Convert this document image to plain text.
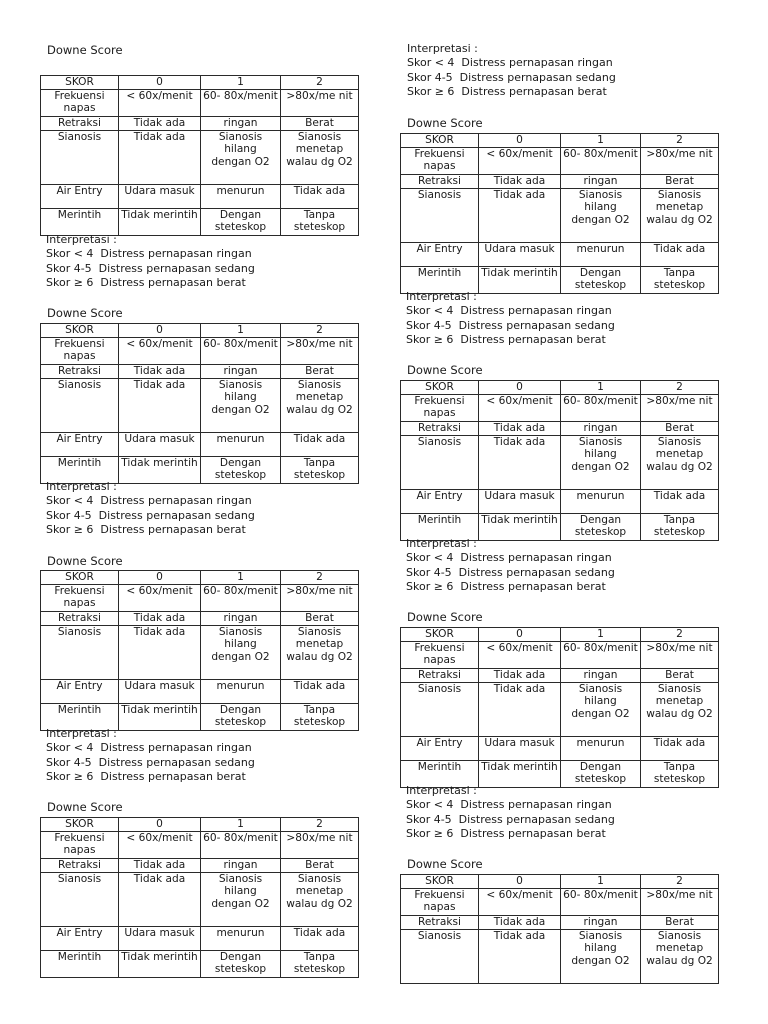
Downe Score
SKOR	0	1	2
Frekuensi napas	< 60x/menit	60- 80x/menit	>80x/me nit
Retraksi	Tidak ada	ringan	Berat
Sianosis	Tidak ada	Sianosis hilang dengan O2	Sianosis menetap walau dg O2
Air Entry	Udara masuk	menurun	Tidak ada
Merintih	Tidak merintih	Dengan steteskop	Tanpa steteskop
Interpretasi :
Skor < 4  Distress pernapasan ringan
Skor 4-5  Distress pernapasan sedang
Skor ≥ 6  Distress pernapasan berat
Downe Score
SKOR	0	1	2
Frekuensi napas	< 60x/menit	60- 80x/menit	>80x/me nit
Retraksi	Tidak ada	ringan	Berat
Sianosis	Tidak ada	Sianosis hilang dengan O2	Sianosis menetap walau dg O2
Air Entry	Udara masuk	menurun	Tidak ada
Merintih	Tidak merintih	Dengan steteskop	Tanpa steteskop
Interpretasi :
Skor < 4  Distress pernapasan ringan
Skor 4-5  Distress pernapasan sedang
Skor ≥ 6  Distress pernapasan berat
Downe Score
SKOR	0	1	2
Frekuensi napas	< 60x/menit	60- 80x/menit	>80x/me nit
Retraksi	Tidak ada	ringan	Berat
Sianosis	Tidak ada	Sianosis hilang dengan O2	Sianosis menetap walau dg O2
Air Entry	Udara masuk	menurun	Tidak ada
Merintih	Tidak merintih	Dengan steteskop	Tanpa steteskop
Interpretasi :
Skor < 4  Distress pernapasan ringan
Skor 4-5  Distress pernapasan sedang
Skor ≥ 6  Distress pernapasan berat
Downe Score
SKOR	0	1	2
Frekuensi napas	< 60x/menit	60- 80x/menit	>80x/me nit
Retraksi	Tidak ada	ringan	Berat
Sianosis	Tidak ada	Sianosis hilang dengan O2	Sianosis menetap walau dg O2
Air Entry	Udara masuk	menurun	Tidak ada
Merintih	Tidak merintih	Dengan steteskop	Tanpa steteskop
Interpretasi :
Skor < 4  Distress pernapasan ringan
Skor 4-5  Distress pernapasan sedang
Skor ≥ 6  Distress pernapasan berat
Downe Score
SKOR	0	1	2
Frekuensi napas	< 60x/menit	60- 80x/menit	>80x/me nit
Retraksi	Tidak ada	ringan	Berat
Sianosis	Tidak ada	Sianosis hilang dengan O2	Sianosis menetap walau dg O2
Air Entry	Udara masuk	menurun	Tidak ada
Merintih	Tidak merintih	Dengan steteskop	Tanpa steteskop
Interpretasi :
Skor < 4  Distress pernapasan ringan
Skor 4-5  Distress pernapasan sedang
Skor ≥ 6  Distress pernapasan berat
Downe Score
SKOR	0	1	2
Frekuensi napas	< 60x/menit	60- 80x/menit	>80x/me nit
Retraksi	Tidak ada	ringan	Berat
Sianosis	Tidak ada	Sianosis hilang dengan O2	Sianosis menetap walau dg O2
Air Entry	Udara masuk	menurun	Tidak ada
Merintih	Tidak merintih	Dengan steteskop	Tanpa steteskop
Interpretasi :
Skor < 4  Distress pernapasan ringan
Skor 4-5  Distress pernapasan sedang
Skor ≥ 6  Distress pernapasan berat
Downe Score
SKOR	0	1	2
Frekuensi napas	< 60x/menit	60- 80x/menit	>80x/me nit
Retraksi	Tidak ada	ringan	Berat
Sianosis	Tidak ada	Sianosis hilang dengan O2	Sianosis menetap walau dg O2
Air Entry	Udara masuk	menurun	Tidak ada
Merintih	Tidak merintih	Dengan steteskop	Tanpa steteskop
Interpretasi :
Skor < 4  Distress pernapasan ringan
Skor 4-5  Distress pernapasan sedang
Skor ≥ 6  Distress pernapasan berat
Downe Score
SKOR	0	1	2
Frekuensi napas	< 60x/menit	60- 80x/menit	>80x/me nit
Retraksi	Tidak ada	ringan	Berat
Sianosis	Tidak ada	Sianosis hilang dengan O2	Sianosis menetap walau dg O2
